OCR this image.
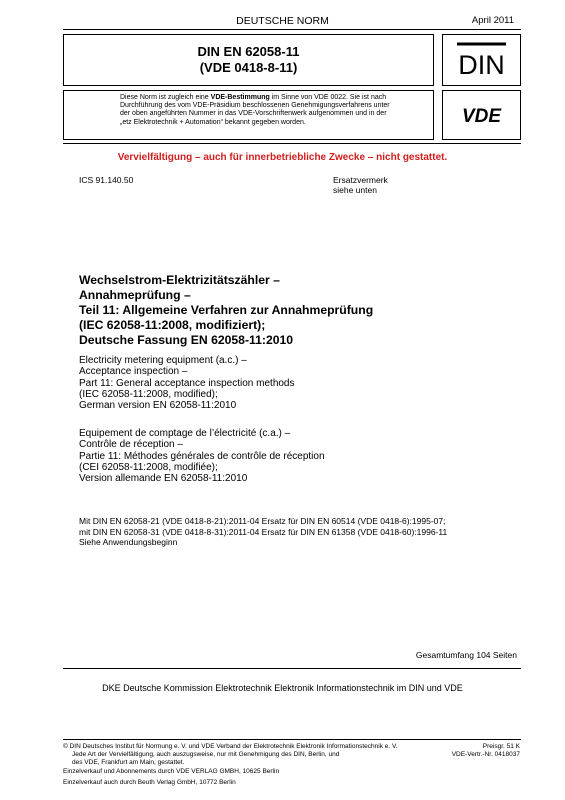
DEUTSCHE NORM	April 2011
DIN EN 62058-11
(VDE 0418-8-11)	DIN
Diese Norm ist zugleich eine VDE-Bestimmung im Sinne von VDE 0022. Sie ist nach
Durchführung des vom VDE-Präsidium beschlossenen Genehmigungsverfahrens unter
der oben angeführten Nummer in das VDE-Vorschriftenwerk aufgenommen und in der
„etz Elektrotechnik + Automation“ bekannt gegeben worden.	VDE
Vervielfältigung – auch für innerbetriebliche Zwecke – nicht gestattet.
ICS 91.140.50	Ersatzvermerk
siehe unten
Wechselstrom-Elektrizitätszähler –
Annahmeprüfung –
Teil 11: Allgemeine Verfahren zur Annahmeprüfung
(IEC 62058-11:2008, modifiziert);
Deutsche Fassung EN 62058-11:2010
Electricity metering equipment (a.c.) –
Acceptance inspection –
Part 11: General acceptance inspection methods
(IEC 62058-11:2008, modified);
German version EN 62058-11:2010
Equipement de comptage de l’électricité (c.a.) –
Contrôle de réception –
Partie 11: Méthodes générales de contrôle de réception
(CEI 62058-11:2008, modifiée);
Version allemande EN 62058-11:2010
Mit DIN EN 62058-21 (VDE 0418-8-21):2011-04 Ersatz für DIN EN 60514 (VDE 0418-6):1995-07;
mit DIN EN 62058-31 (VDE 0418-8-31):2011-04 Ersatz für DIN EN 61358 (VDE 0418-60):1996-11
Siehe Anwendungsbeginn
Gesamtumfang 104 Seiten
DKE Deutsche Kommission Elektrotechnik Elektronik Informationstechnik im DIN und VDE
© DIN Deutsches Institut für Normung e. V. und VDE Verband der Elektrotechnik Elektronik Informationstechnik e. V.
Jede Art der Vervielfältigung, auch auszugsweise, nur mit Genehmigung des DIN, Berlin, und
des VDE, Frankfurt am Main, gestattet.
Preisgr. 51 K
VDE-Vertr.-Nr. 0418037
Einzelverkauf und Abonnements durch VDE VERLAG GMBH, 10625 Berlin
Einzelverkauf auch durch Beuth Verlag GmbH, 10772 Berlin
